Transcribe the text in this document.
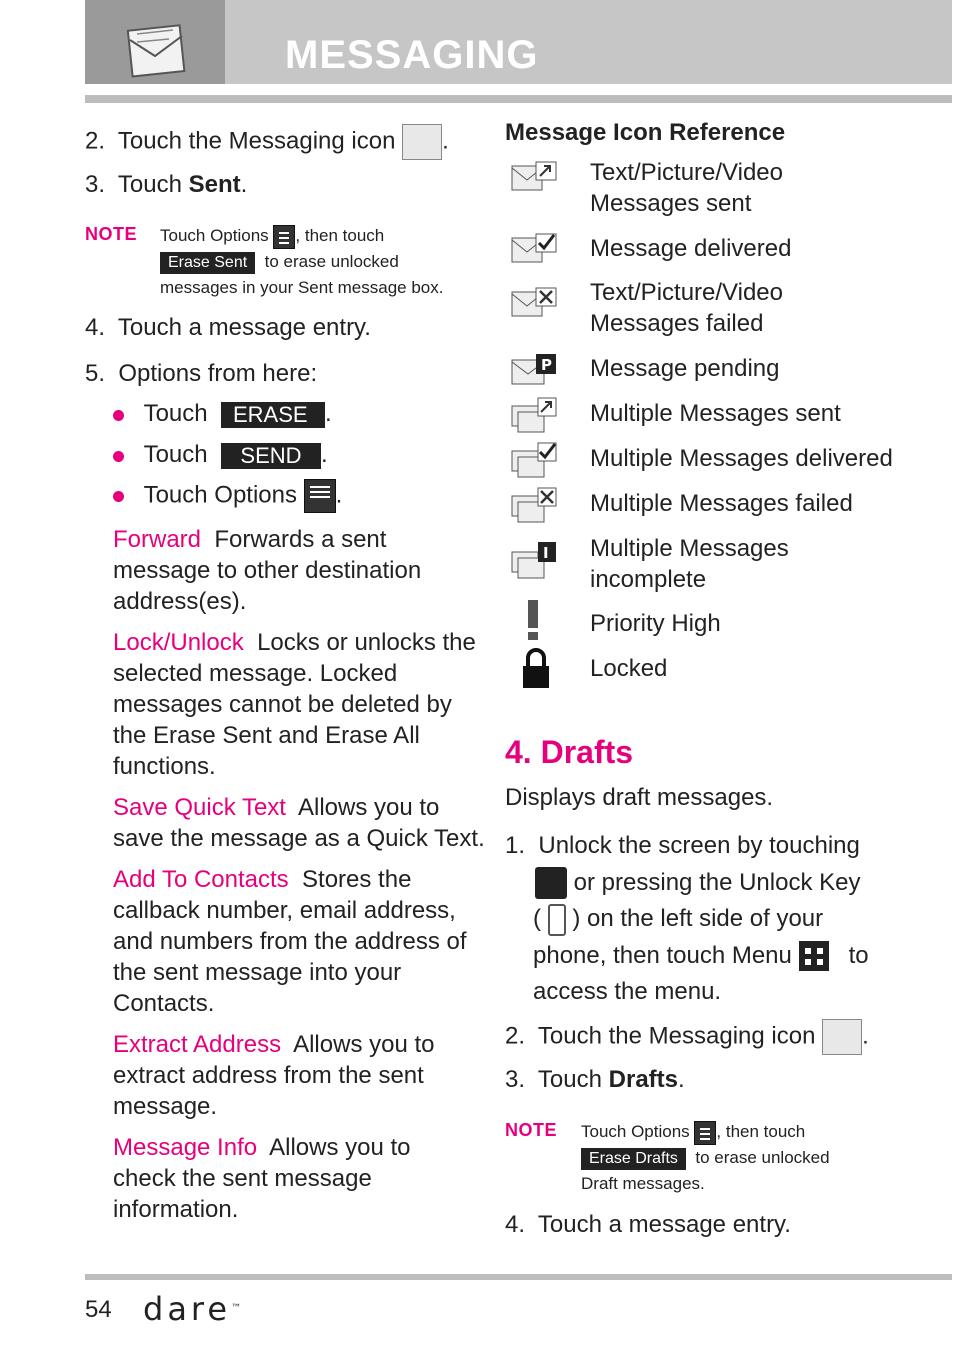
MESSAGING
2. Touch the Messaging icon .
3. Touch Sent.
NOTE Touch Options , then touch
Erase Sent to erase unlocked
messages in your Sent message box.
4. Touch a message entry.
5. Options from here:
Touch ERASE .
Touch SEND .
Touch Options .
Forward Forwards a sent
message to other destination
address(es).
Lock/Unlock Locks or unlocks the
selected message. Locked
messages cannot be deleted by
the Erase Sent and Erase All
functions.
Save Quick Text Allows you to
save the message as a Quick Text.
Add To Contacts Stores the
callback number, email address,
and numbers from the address of
the sent message into your
Contacts.
Extract Address Allows you to
extract address from the sent
message.
Message Info Allows you to
check the sent message
information.
Message Icon Reference
Text/Picture/Video
Messages sent
Message delivered
Text/Picture/Video
Messages failed
P Message pending
Multiple Messages sent
Multiple Messages delivered
Multiple Messages failed
I Multiple Messages
incomplete
Priority High
Locked
4. Drafts
Displays draft messages.
1. Unlock the screen by touching
or pressing the Unlock Key
( ) on the left side of your
phone, then touch Menu to
access the menu.
2. Touch the Messaging icon .
3. Touch Drafts.
NOTE Touch Options , then touch
Erase Drafts to erase unlocked
Draft messages.
4. Touch a message entry.
54 dare™
